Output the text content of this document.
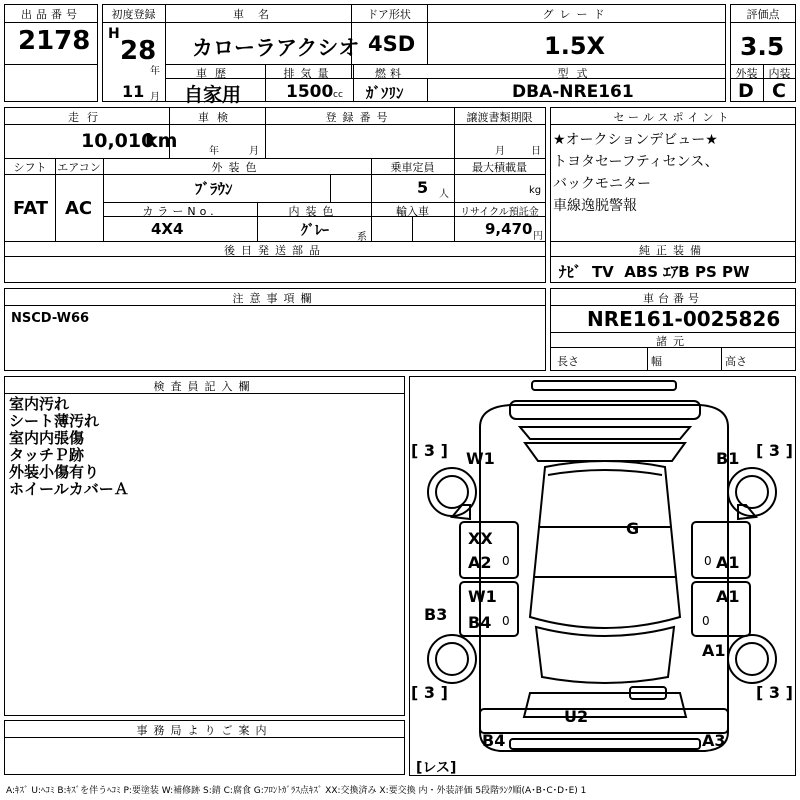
出品番号
2178
初度登録
H
28
年
11 月
車名
カローラアクシオ
ドア形状
4SD
グレード
1.5X
車歴
自家用
排気量
1500 cc
燃料
ｶﾞｿﾘﾝ
型式
DBA-NRE161
評価点
3.5
外装	内装
D C
走行
10,010
km
車検
年	月
登録番号	譲渡書類期限
月	日
シフト
FAT
エアコン
AC
外装色
ﾌﾞﾗｳﾝ
乗車定員
5 人
最大積載量
kg
カラーNo.
4X4
内装色
ｸﾞﾚｰ	系
輸入車	リサイクル預託金
9,470 円
後日発送部品
セールスポイント
★オークションデビュー★
トヨタセーフティセンス、
バックモニター
車線逸脱警報
純正装備
ﾅﾋﾞ  TV  ABS ｴｱB PS PW
注意事項欄
NSCD-W66
車台番号
NRE161-0025826
諸元
長さ	幅	高さ
検査員記入欄
室内汚れ
シート薄汚れ
室内内張傷
タッチＰ跡
外装小傷有り
ホイールカバーＡ
事務局よりご案内
[ 3 ]	[ 3 ]
[ 3 ]	[ 3 ]
[レス]
W1	B1
G
XX
A2 0	0 A1
W1
B4 0
A1
0
B3
A1
U2
B4	A3
A:ｷｽﾞ U:ﾍｺﾐ B:ｷｽﾞを伴うﾍｺﾐ P:要塗装 W:補修跡 S:錆 C:腐食 G:ﾌﾛﾝﾄｶﾞﾗｽ点ｷｽﾞ XX:交換済み X:要交換 内・外装評価 5段階ﾗﾝｸ順(A･B･C･D･E) 1
